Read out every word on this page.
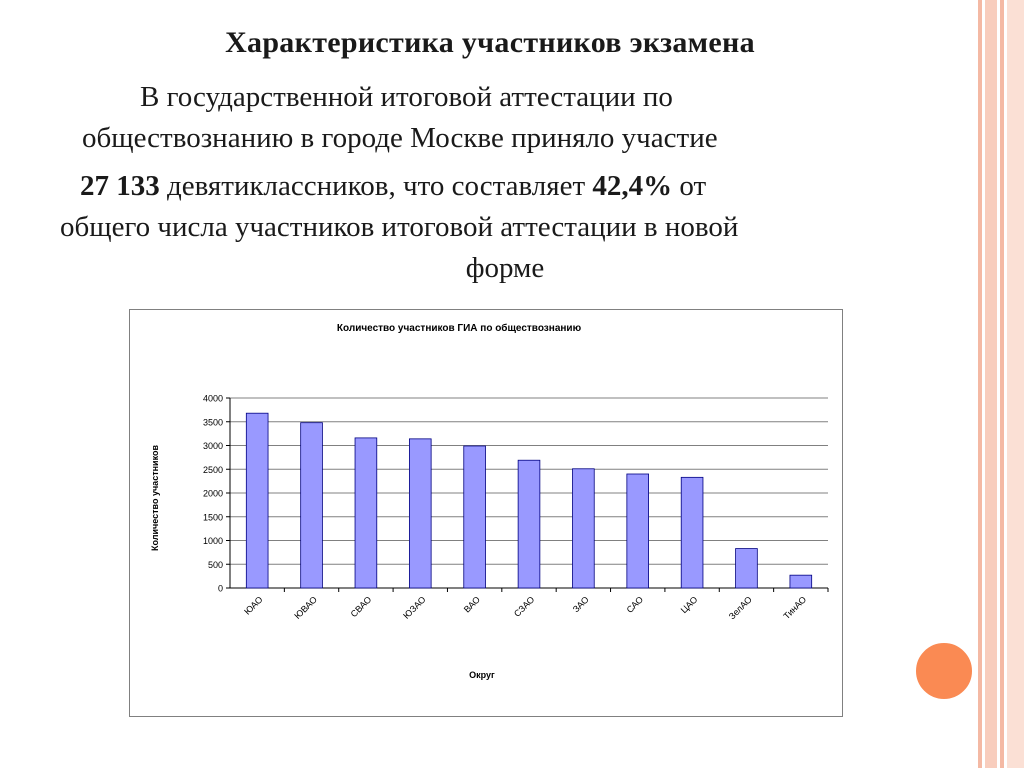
Характеристика участников экзамена
В государственной итоговой аттестации по
обществознанию в городе Москве приняло участие
27 133 девятиклассников, что составляет 42,4% от
общего числа участников итоговой аттестации в новой
форме
Количество участников ГИА по обществознанию
0
500
1000
1500
2000
2500
3000
3500
4000
ЮАО	ЮВАО	СВАО	ЮЗАО	ВАО	СЗАО	ЗАО	САО	ЦАО	ЗелАО	ТинАО
Округ
Количество участников
